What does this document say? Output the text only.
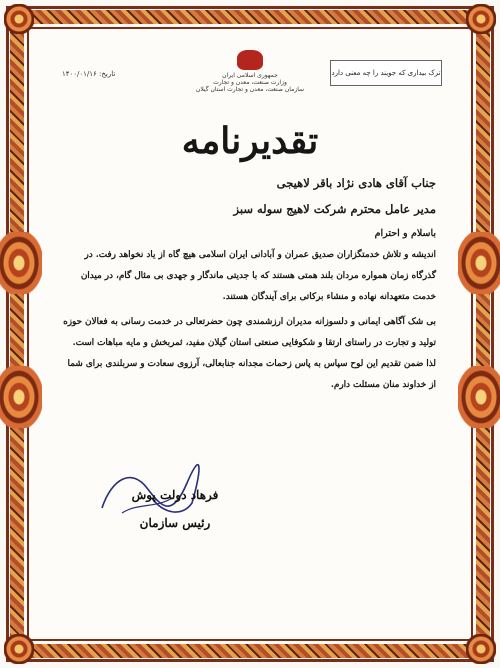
ترک بیداری که جویند را چه معنی دارد
جمهوری اسلامی ایران
وزارت صنعت، معدن و تجارت
سازمان صنعت، معدن و تجارت استان گیلان
تاریخ: ۱۴۰۰/۰۱/۱۶
تقدیرنامه
جناب آقای هادی نژاد باقر لاهیجی
مدیر عامل محترم شرکت لاهیج سوله سبز
باسلام و احترام

اندیشه و تلاش خدمتگزاران صدیق عمران و آبادانی ایران اسلامی هیچ گاه از یاد نخواهد رفت. در گذرگاه زمان همواره مردان بلند همتی هستند که با جدیتی ماندگار و جهدی بی مثال گام، در میدان خدمت متعهدانه نهاده و منشاء برکاتی برای آیندگان هستند.

بی شک آگاهی ایمانی و دلسوزانه مدیران ارزشمندی چون حضرتعالی در خدمت رسانی به فعالان حوزه تولید و تجارت در راستای ارتقا و شکوفایی صنعتی استان گیلان مفید، ثمربخش و مایه مباهات است. لذا ضمن تقدیم این لوح سپاس به پاس زحمات مجدانه جنابعالی، آرزوی سعادت و سربلندی برای شما از خداوند منان مسئلت دارم.

فرهاد دولت پوش
رئیس سازمان
